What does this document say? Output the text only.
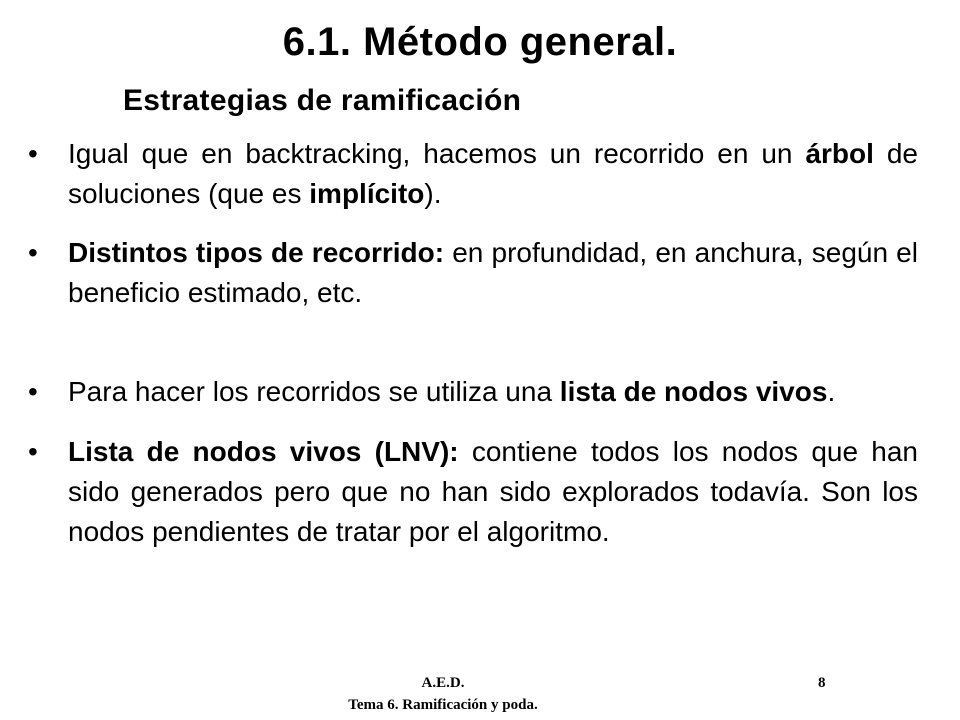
6.1. Método general.
Estrategias de ramificación
• Igual que en backtracking, hacemos un recorrido en un árbol de soluciones (que es implícito).
• Distintos tipos de recorrido: en profundidad, en anchura, según el beneficio estimado, etc.
• Para hacer los recorridos se utiliza una lista de nodos vivos.
• Lista de nodos vivos (LNV): contiene todos los nodos que han sido generados pero que no han sido explorados todavía. Son los nodos pendientes de tratar por el algoritmo.
A.E.D.
Tema 6. Ramificación y poda.
8
